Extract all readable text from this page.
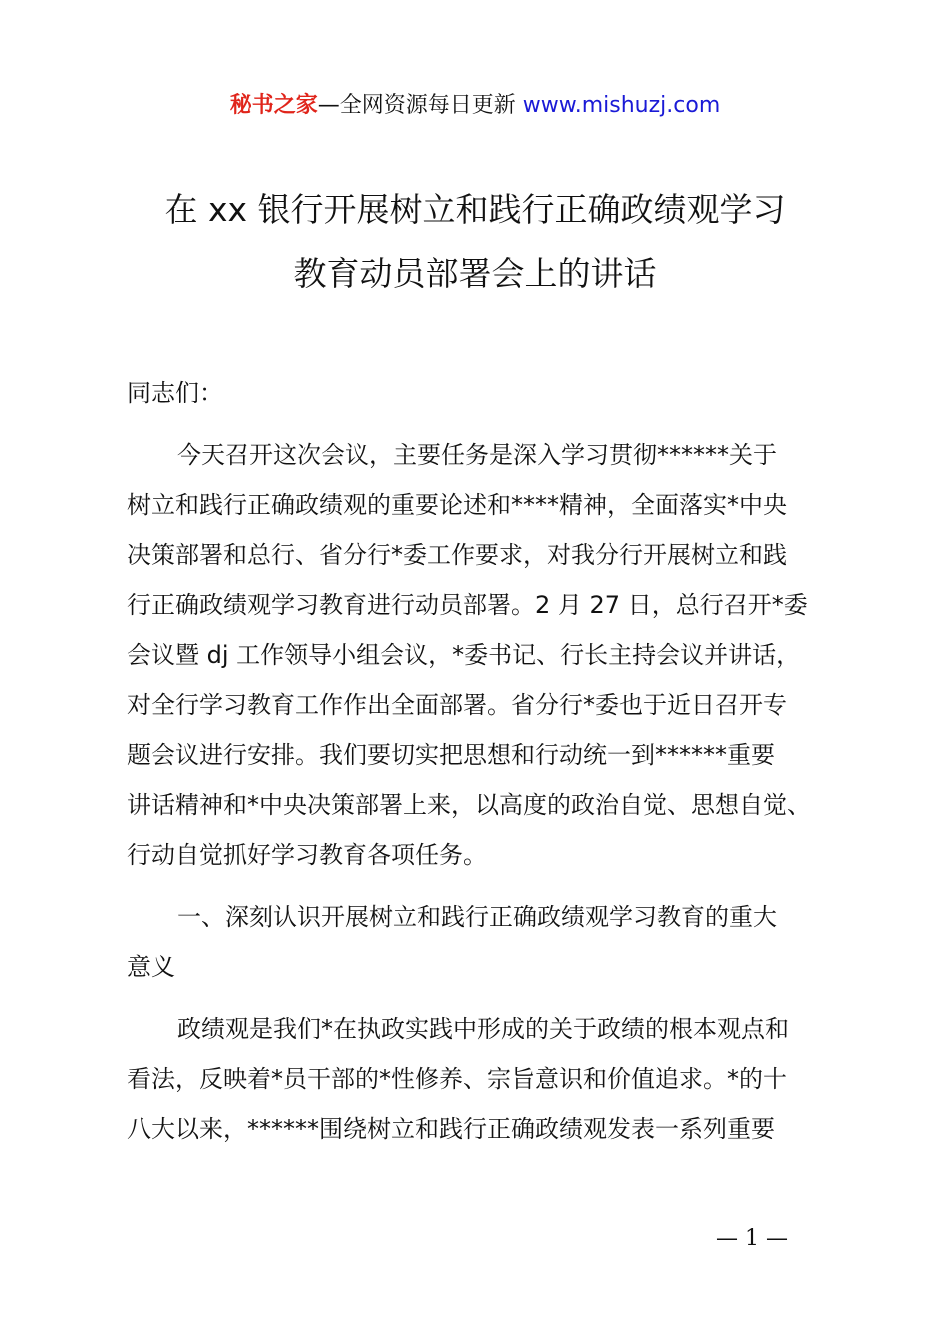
秘书之家—全网资源每日更新 www.mishuzj.com
在 xx 银行开展树立和践行正确政绩观学习
教育动员部署会上的讲话
同志们：
今天召开这次会议，主要任务是深入学习贯彻******关于
树立和践行正确政绩观的重要论述和****精神，全面落实*中央
决策部署和总行、省分行*委工作要求，对我分行开展树立和践
行正确政绩观学习教育进行动员部署。2 月 27 日，总行召开*委
会议暨 dj 工作领导小组会议，*委书记、行长主持会议并讲话，
对全行学习教育工作作出全面部署。省分行*委也于近日召开专
题会议进行安排。我们要切实把思想和行动统一到******重要
讲话精神和*中央决策部署上来，以高度的政治自觉、思想自觉、
行动自觉抓好学习教育各项任务。
一、深刻认识开展树立和践行正确政绩观学习教育的重大
意义
政绩观是我们*在执政实践中形成的关于政绩的根本观点和
看法，反映着*员干部的*性修养、宗旨意识和价值追求。*的十
八大以来，******围绕树立和践行正确政绩观发表一系列重要
— 1 —
